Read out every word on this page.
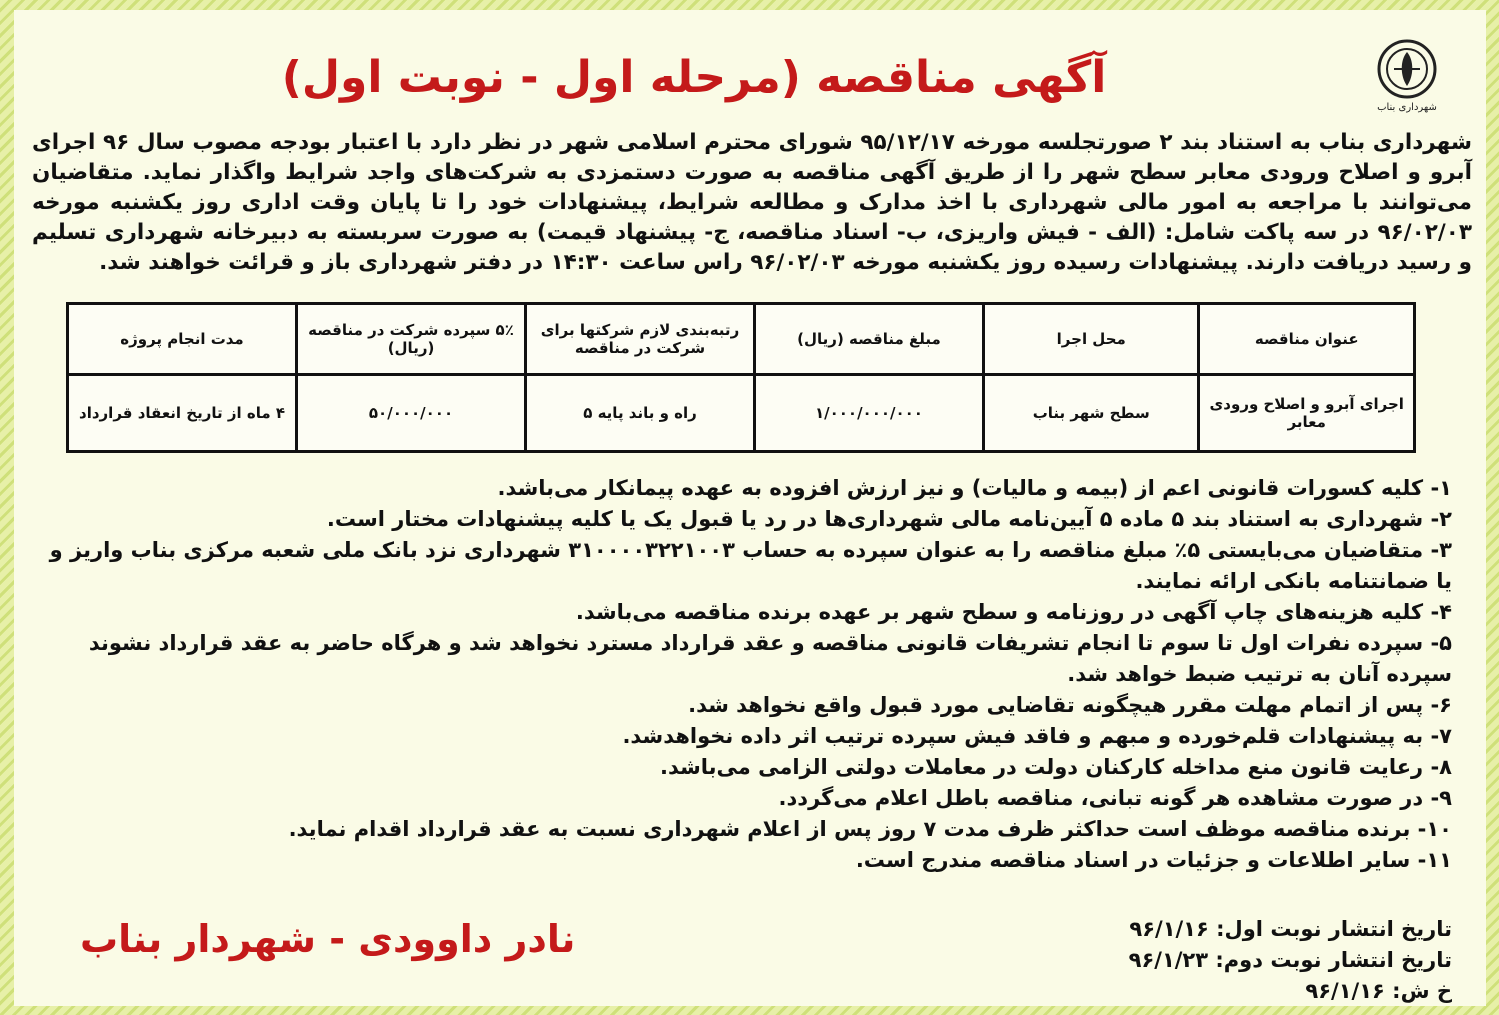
شهرداری بناب
آگهی مناقصه (مرحله اول - نوبت اول)
شهرداری بناب به استناد بند ۲ صورتجلسه مورخه ۹۵/۱۲/۱۷ شورای محترم اسلامی شهر در نظر دارد با اعتبار بودجه مصوب سال ۹۶ اجرای آبرو و اصلاح ورودی معابر سطح شهر را از طریق آگهی مناقصه به صورت دستمزدی به شرکت‌های واجد شرایط واگذار نماید. متقاضیان می‌توانند با مراجعه به امور مالی شهرداری با اخذ مدارک و مطالعه شرایط، پیشنهادات خود را تا پایان وقت اداری روز یکشنبه مورخه ۹۶/۰۲/۰۳ در سه پاکت شامل: (الف - فیش واریزی، ب- اسناد مناقصه، ج- پیشنهاد قیمت) به صورت سربسته به دبیرخانه شهرداری تسلیم و رسید دریافت دارند. پیشنهادات رسیده روز یکشنبه مورخه ۹۶/۰۲/۰۳ راس ساعت ۱۴:۳۰ در دفتر شهرداری باز و قرائت خواهند شد.
عنوان مناقصه	محل اجرا	مبلغ مناقصه (ریال)	رتبه‌بندی لازم شرکتها برای شرکت در مناقصه	۵٪ سپرده شرکت در مناقصه (ریال)	مدت انجام پروژه
اجرای آبرو و اصلاح ورودی معابر	سطح شهر بناب	۱/۰۰۰/۰۰۰/۰۰۰	راه و باند پایه ۵	۵۰/۰۰۰/۰۰۰	۴ ماه از تاریخ انعقاد قرارداد

۱- کلیه کسورات قانونی اعم از (بیمه و مالیات) و نیز ارزش افزوده به عهده پیمانکار می‌باشد.

۲- شهرداری به استناد بند ۵ ماده ۵ آیین‌نامه مالی شهرداری‌ها در رد یا قبول یک یا کلیه پیشنهادات مختار است.

۳- متقاضیان می‌بایستی ۵٪ مبلغ مناقصه را به عنوان سپرده به حساب ۳۱۰۰۰۰۳۲۲۱۰۰۳ شهرداری نزد بانک ملی شعبه مرکزی بناب واریز و یا ضمانتنامه بانکی ارائه نمایند.

۴- کلیه هزینه‌های چاپ آگهی در روزنامه و سطح شهر بر عهده برنده مناقصه می‌باشد.

۵- سپرده نفرات اول تا سوم تا انجام تشریفات قانونی مناقصه و عقد قرارداد مسترد نخواهد شد و هرگاه حاضر به عقد قرارداد نشوند سپرده آنان به ترتیب ضبط خواهد شد.

۶- پس از اتمام مهلت مقرر هیچگونه تقاضایی مورد قبول واقع نخواهد شد.

۷- به پیشنهادات قلم‌خورده و مبهم و فاقد فیش سپرده ترتیب اثر داده نخواهدشد.

۸- رعایت قانون منع مداخله کارکنان دولت در معاملات دولتی الزامی می‌باشد.

۹- در صورت مشاهده هر گونه تبانی، مناقصه باطل اعلام می‌گردد.

۱۰- برنده مناقصه موظف است حداکثر ظرف مدت ۷ روز پس از اعلام شهرداری نسبت به عقد قرارداد اقدام نماید.

۱۱- سایر اطلاعات و جزئیات در اسناد مناقصه مندرج است.

تاریخ انتشار نوبت اول: ۹۶/۱/۱۶
تاریخ انتشار نوبت دوم: ۹۶/۱/۲۳
خ ش: ۹۶/۱/۱۶
نادر داوودی - شهردار بناب
